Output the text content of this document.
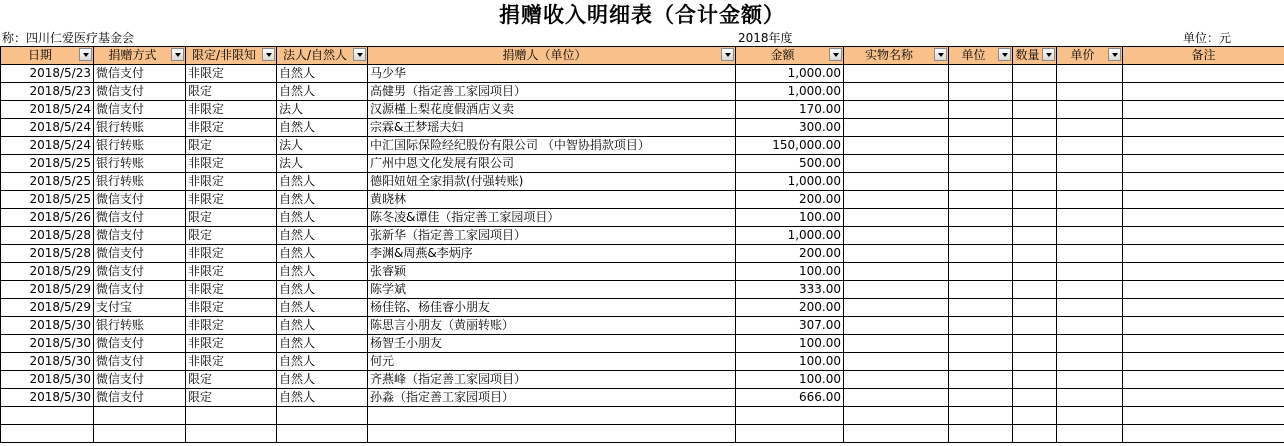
捐赠收入明细表（合计金额）
称：四川仁爱医疗基金会	2018年度	单位：元
日期	捐赠方式	限定/非限知	法人/自然人	捐赠人（单位）	金额	实物名称	单位	数量	单价	备注
2018/5/23	微信支付	非限定	自然人	马少华	1,000.00					
2018/5/23	微信支付	限定	自然人	高健男（指定善工家园项目）	1,000.00					
2018/5/24	微信支付	非限定	法人	汉源槿上梨花度假酒店义卖	170.00					
2018/5/24	银行转账	非限定	自然人	宗霖&王梦瑶夫妇	300.00					
2018/5/24	银行转账	限定	法人	中汇国际保险经纪股份有限公司 （中智协捐款项目）	150,000.00					
2018/5/25	银行转账	非限定	法人	广州中恩文化发展有限公司	500.00					
2018/5/25	银行转账	非限定	自然人	德阳妞妞全家捐款(付强转账)	1,000.00					
2018/5/25	微信支付	非限定	自然人	黄晓林	200.00					
2018/5/26	微信支付	限定	自然人	陈冬凌&谭佳（指定善工家园项目）	100.00					
2018/5/28	微信支付	限定	自然人	张新华（指定善工家园项目）	1,000.00					
2018/5/28	微信支付	非限定	自然人	李渊&周燕&李炳序	200.00					
2018/5/29	微信支付	非限定	自然人	张睿颖	100.00					
2018/5/29	微信支付	非限定	自然人	陈学斌	333.00					
2018/5/29	支付宝	非限定	自然人	杨佳铭、杨佳睿小朋友	200.00					
2018/5/30	银行转账	非限定	自然人	陈思言小朋友（黄丽转账）	307.00					
2018/5/30	微信支付	非限定	自然人	杨智壬小朋友	100.00					
2018/5/30	微信支付	非限定	自然人	何元	100.00					
2018/5/30	微信支付	限定	自然人	齐燕峰（指定善工家园项目）	100.00					
2018/5/30	微信支付	限定	自然人	孙淼（指定善工家园项目）	666.00					
